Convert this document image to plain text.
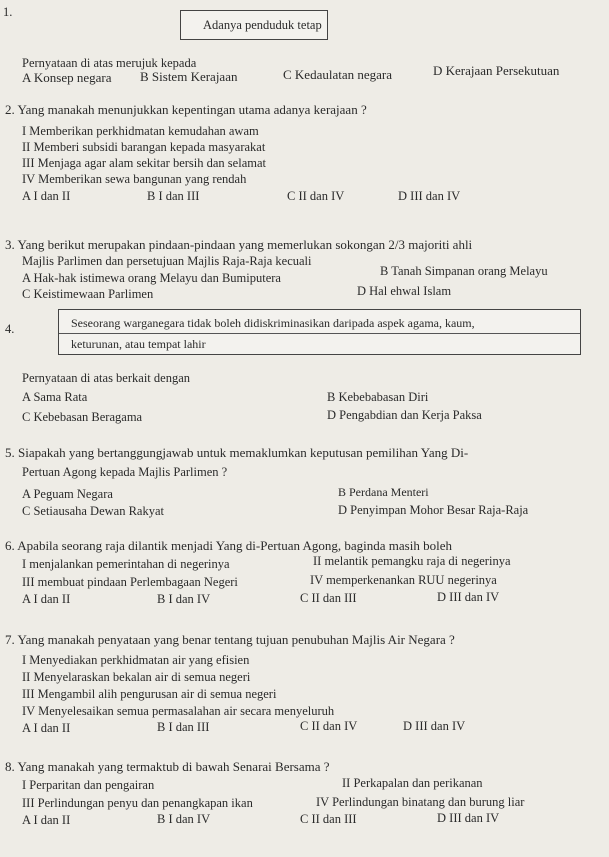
1.
Adanya penduduk tetap
Pernyataan di atas merujuk kepada
A Konsep negara B Sistem Kerajaan	C Kedaulatan negara	D Kerajaan Persekutuan
2. Yang manakah menunjukkan kepentingan utama adanya kerajaan ?
I Memberikan perkhidmatan kemudahan awam
II Memberi subsidi barangan kepada masyarakat
III Menjaga agar alam sekitar bersih dan selamat
IV Memberikan sewa bangunan yang rendah
A I dan II	B I dan III	C II dan IV	D III dan IV
3. Yang berikut merupakan pindaan-pindaan yang memerlukan sokongan 2/3 majoriti ahli
Majlis Parlimen dan persetujuan Majlis Raja-Raja kecuali
A Hak-hak istimewa orang Melayu dan Bumiputera	B Tanah Simpanan orang Melayu
C Keistimewaan Parlimen	D Hal ehwal Islam
4.	Seseorang warganegara tidak boleh didiskriminasikan daripada aspek agama, kaum,
keturunan, atau tempat lahir
Pernyataan di atas berkait dengan
A Sama Rata	B Kebebabasan Diri
C Kebebasan Beragama	D Pengabdian dan Kerja Paksa
5. Siapakah yang bertanggungjawab untuk memaklumkan keputusan pemilihan Yang Di-
Pertuan Agong kepada Majlis Parlimen ?
A Peguam Negara	B Perdana Menteri
C Setiausaha Dewan Rakyat	D Penyimpan Mohor Besar Raja-Raja
6. Apabila seorang raja dilantik menjadi Yang di-Pertuan Agong, baginda masih boleh
I menjalankan pemerintahan di negerinya	II melantik pemangku raja di negerinya
III membuat pindaan Perlembagaan Negeri	IV memperkenankan RUU negerinya
A I dan II	B I dan IV	C II dan III	D III dan IV
7. Yang manakah penyataan yang benar tentang tujuan penubuhan Majlis Air Negara ?
I Menyediakan perkhidmatan air yang efisien
II Menyelaraskan bekalan air di semua negeri
III Mengambil alih pengurusan air di semua negeri
IV Menyelesaikan semua permasalahan air secara menyeluruh
A I dan II	B I dan III	C II dan IV	D III dan IV
8. Yang manakah yang termaktub di bawah Senarai Bersama ?
I Perparitan dan pengairan	II Perkapalan dan perikanan
III Perlindungan penyu dan penangkapan ikan	IV Perlindungan binatang dan burung liar
A I dan II	B I dan IV	C II dan III	D III dan IV
